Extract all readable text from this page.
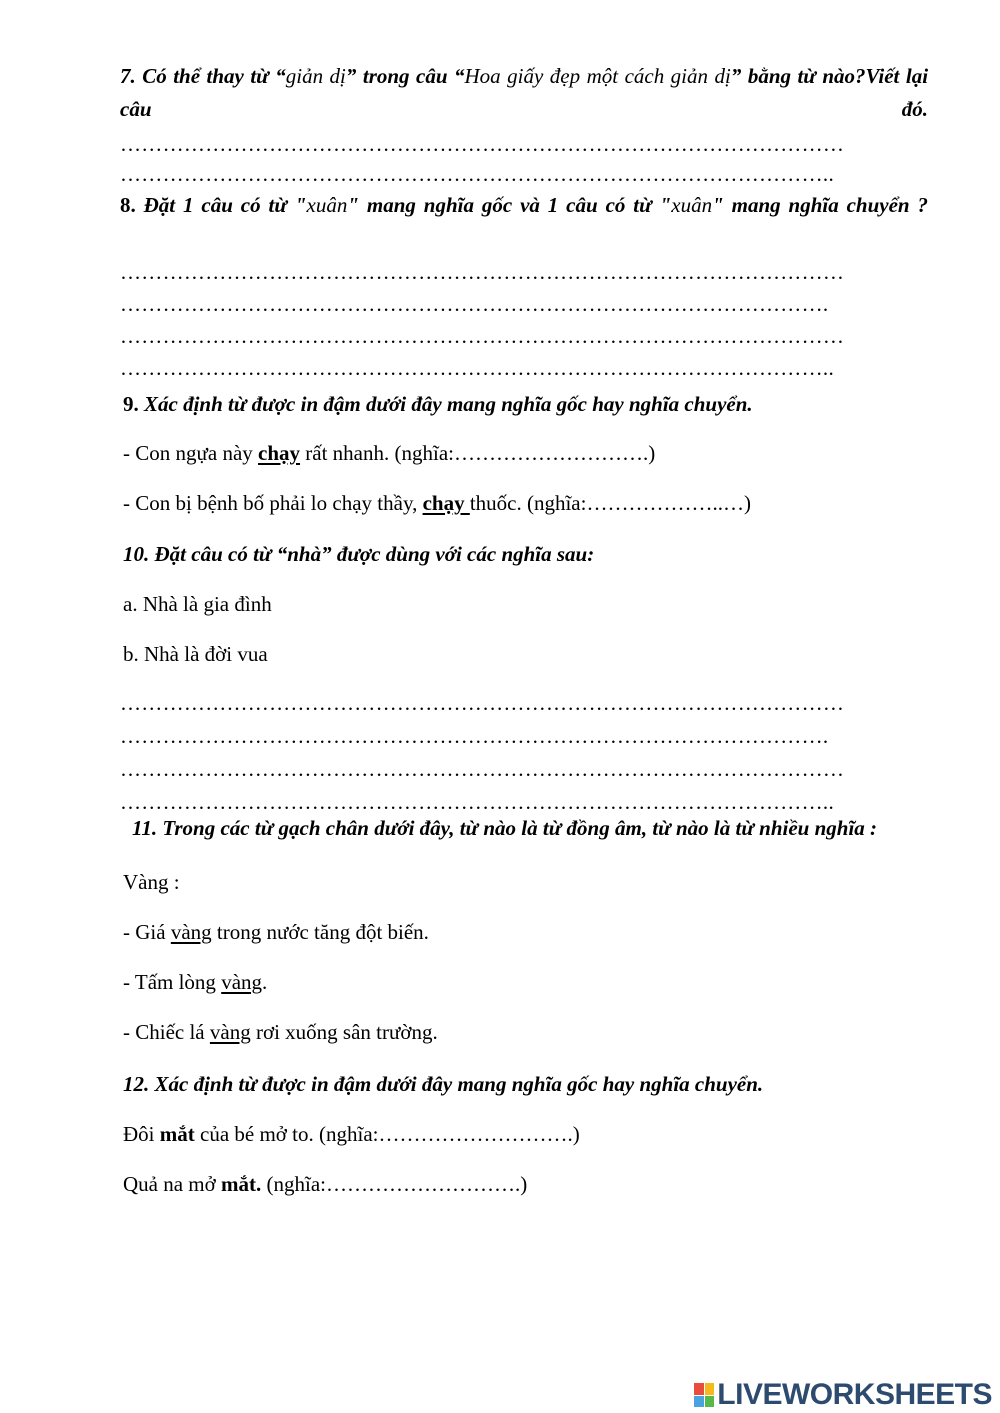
7. Có thể thay từ “giản dị” trong câu “Hoa giấy đẹp một cách giản dị” bằng từ nào?Viết lại câu đó.
…………………………………………………………………………………………
………………………………………………………………………………………..
8. Đặt 1 câu có từ "xuân" mang nghĩa gốc và 1 câu có từ "xuân" mang nghĩa chuyển ?
…………………………………………………………………………………………
……………………………………………………………………………………….
…………………………………………………………………………………………
………………………………………………………………………………………..
9. Xác định từ được in đậm dưới đây mang nghĩa gốc hay nghĩa chuyển.
- Con ngựa này chạy rất nhanh. (nghĩa:……………………….)
- Con bị bệnh bố phải lo chạy thầy, chạy thuốc. (nghĩa:………………..…)
10. Đặt câu có từ “nhà” được dùng với các nghĩa sau:
a. Nhà là gia đình
b. Nhà là đời vua
…………………………………………………………………………………………
……………………………………………………………………………………….
…………………………………………………………………………………………
………………………………………………………………………………………..
11. Trong các từ gạch chân dưới đây, từ nào là từ đồng âm, từ nào là từ nhiều nghĩa :
Vàng :
- Giá vàng trong nước tăng đột biến.
- Tấm lòng vàng.
- Chiếc lá vàng rơi xuống sân trường.
12. Xác định từ được in đậm dưới đây mang nghĩa gốc hay nghĩa chuyển.
Đôi mắt của bé mở to. (nghĩa:……………………….)
Quả na mở mắt. (nghĩa:……………………….)
LIVEWORKSHEETS
